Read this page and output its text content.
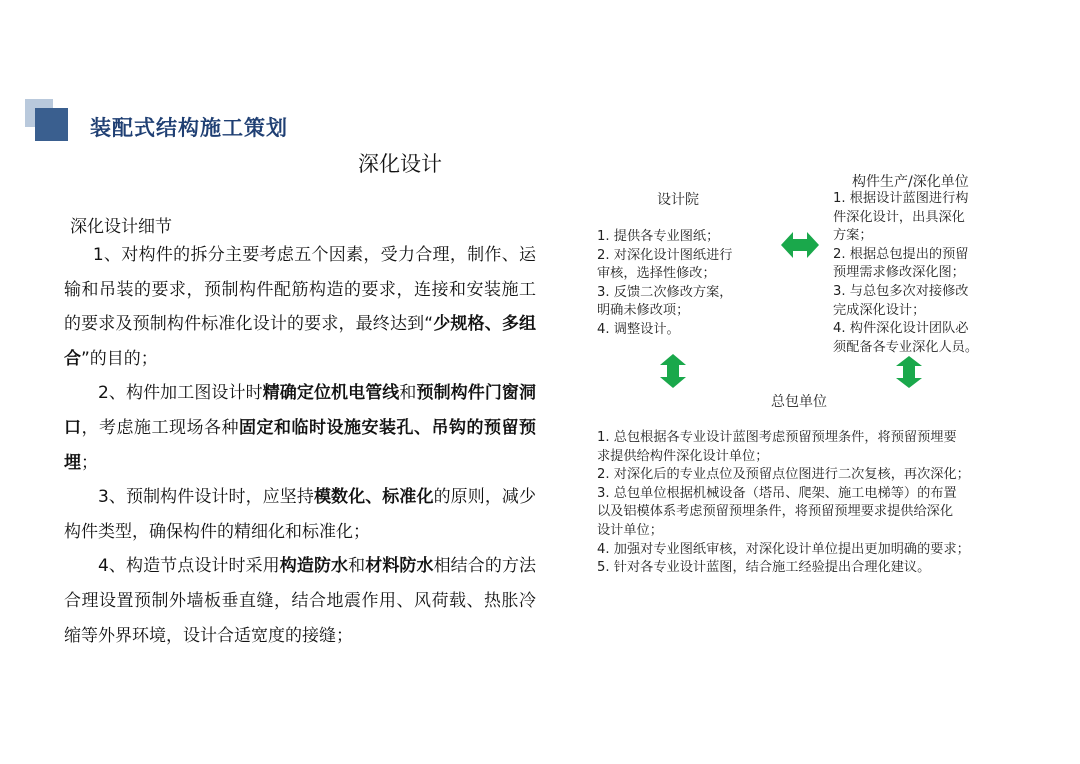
装配式结构施工策划
深化设计
深化设计细节

1、对构件的拆分主要考虑五个因素，受力合理，制作、运输和吊装的要求，预制构件配筋构造的要求，连接和安装施工的要求及预制构件标准化设计的要求，最终达到“少规格、多组合”的目的；

2、构件加工图设计时精确定位机电管线和预制构件门窗洞口，考虑施工现场各种固定和临时设施安装孔、吊钩的预留预埋；

3、预制构件设计时，应坚持模数化、标准化的原则，减少构件类型，确保构件的精细化和标准化；

4、构造节点设计时采用构造防水和材料防水相结合的方法合理设置预制外墙板垂直缝，结合地震作用、风荷载、热胀冷缩等外界环境，设计合适宽度的接缝；

设计院
1. 提供各专业图纸；
2. 对深化设计图纸进行
审核，选择性修改；
3. 反馈二次修改方案，
明确未修改项；
4. 调整设计。
构件生产/深化单位
1. 根据设计蓝图进行构
件深化设计，出具深化
方案；
2. 根据总包提出的预留
预埋需求修改深化图；
3. 与总包多次对接修改
完成深化设计；
4. 构件深化设计团队必
须配备各专业深化人员。
总包单位
1. 总包根据各专业设计蓝图考虑预留预埋条件，将预留预埋要
求提供给构件深化设计单位；
2. 对深化后的专业点位及预留点位图进行二次复核，再次深化；
3. 总包单位根据机械设备（塔吊、爬架、施工电梯等）的布置
以及铝模体系考虑预留预埋条件，将预留预埋要求提供给深化
设计单位；
4. 加强对专业图纸审核，对深化设计单位提出更加明确的要求；
5. 针对各专业设计蓝图，结合施工经验提出合理化建议。
